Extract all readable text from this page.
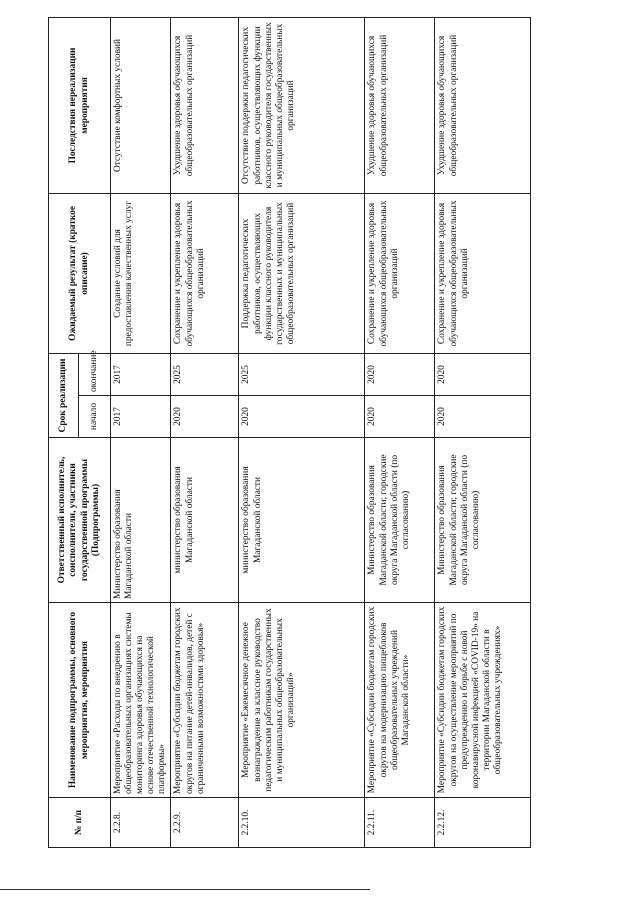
№ п/п	Наименование подпрограммы, основного мероприятия, мероприятия	Ответственный исполнитель, соисполнители, участники государственной программы (Подпрограммы)	Срок реализации		Ожидаемый результат (краткое описание)	Последствия нереализации мероприятия
			начало	окончание		
2.2.8.	Мероприятие «Расходы по внедрению в общеобразовательных организациях системы мониторинга здоровья обучающихся на основе отечественной технологической платформы»	Министерство образования Магаданской области	2017	2017	Создание условий для предоставления качественных услуг	Отсутствие комфортных условий
2.2.9.	Мероприятие «Субсидии бюджетам городских округов на питание детей-инвалидов, детей с ограниченными возможностями здоровья»	министерство образования Магаданской области	2020	2025	Сохранение и укрепление здоровья обучающихся общеобразовательных организаций	Ухудшение здоровья обучающихся общеобразовательных организаций
2.2.10.	Мероприятие «Ежемесячное денежное вознаграждение за классное руководство педагогическим работникам государственных и муниципальных общеобразовательных организаций»	министерство образования Магаданской области	2020	2025	Поддержка педагогических работников, осуществляющих функции классного руководителя государственных и муниципальных общеобразовательных организаций	Отсутствие поддержки педагогических работников, осуществляющих функции классного руководителя государственных и муниципальных общеобразовательных организаций
2.2.11.	Мероприятие «Субсидии бюджетам городских округов на модернизацию пищеблоков общеобразовательных учреждений Магаданской области»	Министерство образования Магаданской области; городские округа Магаданской области (по согласованию)	2020	2020	Сохранение и укрепление здоровья обучающихся общеобразовательных организаций	Ухудшение здоровья обучающихся общеобразовательных организаций
2.2.12.	Мероприятие «Субсидии бюджетам городских округов на осуществление мероприятий по предупреждению и борьбе с новой коронавирусной инфекцией «COVID-19» на территории Магаданской области в общеобразовательных учреждениях»	Министерство образования Магаданской области; городские округа Магаданской области (по согласованию)	2020	2020	Сохранение и укрепление здоровья обучающихся общеобразовательных организаций	Ухудшение здоровья обучающихся общеобразовательных организаций
